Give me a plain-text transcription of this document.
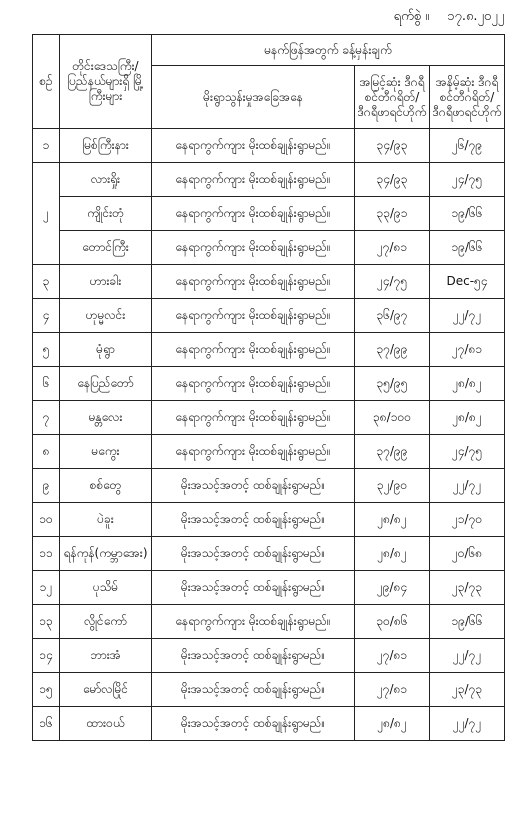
ရက်စွဲ ။ ၁၇.၈.၂၀၂၂
စဉ်	တိုင်းဒေသကြီး/ ပြည်နယ်များရှိ မြို့ကြီးများ	မနက်ဖြန်အတွက် ခန့်မှန်းချက်		
		မိုးရွာသွန်းမှုအခြေအနေ	အမြင့်ဆုံး ဒီဂရီစင်တီဂရိတ်/ ဒီဂရီဖာရင်ဟိုက်	အနိမ့်ဆုံး ဒီဂရီစင်တီဂရိတ်/ ဒီဂရီဖာရင်ဟိုက်
၁	မြစ်ကြီးနား	နေရာကွက်ကျား မိုးထစ်ချုန်းရွာမည်။	၃၄/၉၃	၂၆/၇၉
၂	လားရှိုး	နေရာကွက်ကျား မိုးထစ်ချုန်းရွာမည်။	၃၄/၉၃	၂၄/၇၅
	ကျိုင်းတုံ	နေရာကွက်ကျား မိုးထစ်ချုန်းရွာမည်။	၃၃/၉၁	၁၉/၆၆
	တောင်ကြီး	နေရာကွက်ကျား မိုးထစ်ချုန်းရွာမည်။	၂၇/၈၁	၁၉/၆၆
၃	ဟားခါး	နေရာကွက်ကျား မိုးထစ်ချုန်းရွာမည်။	၂၄/၇၅	Dec-၅၄
၄	ဟုမ္မလင်း	နေရာကွက်ကျား မိုးထစ်ချုန်းရွာမည်။	၃၆/၉၇	၂၂/၇၂
၅	မုံရွာ	နေရာကွက်ကျား မိုးထစ်ချုန်းရွာမည်။	၃၇/၉၉	၂၇/၈၁
၆	နေပြည်တော်	နေရာကွက်ကျား မိုးထစ်ချုန်းရွာမည်။	၃၅/၉၅	၂၈/၈၂
၇	မန္တလေး	နေရာကွက်ကျား မိုးထစ်ချုန်းရွာမည်။	၃၈/၁၀၀	၂၈/၈၂
၈	မကွေး	နေရာကွက်ကျား မိုးထစ်ချုန်းရွာမည်။	၃၇/၉၉	၂၄/၇၅
၉	စစ်တွေ	မိုးအသင့်အတင့် ထစ်ချုန်းရွာမည်။	၃၂/၉၀	၂၂/၇၂
၁၀	ပဲခူး	မိုးအသင့်အတင့် ထစ်ချုန်းရွာမည်။	၂၈/၈၂	၂၁/၇၀
၁၁	ရန်ကုန်(ကမ္ဘာအေး)	မိုးအသင့်အတင့် ထစ်ချုန်းရွာမည်။	၂၈/၈၂	၂၀/၆၈
၁၂	ပုသိမ်	မိုးအသင့်အတင့် ထစ်ချုန်းရွာမည်။	၂၉/၈၄	၂၃/၇၃
၁၃	လွိုင်ကော်	နေရာကွက်ကျား မိုးထစ်ချုန်းရွာမည်။	၃၀/၈၆	၁၉/၆၆
၁၄	ဘားအံ	မိုးအသင့်အတင့် ထစ်ချုန်းရွာမည်။	၂၇/၈၁	၂၂/၇၂
၁၅	မော်လမြိုင်	မိုးအသင့်အတင့် ထစ်ချုန်းရွာမည်။	၂၇/၈၁	၂၃/၇၃
၁၆	ထားဝယ်	မိုးအသင့်အတင့် ထစ်ချုန်းရွာမည်။	၂၈/၈၂	၂၂/၇၂
